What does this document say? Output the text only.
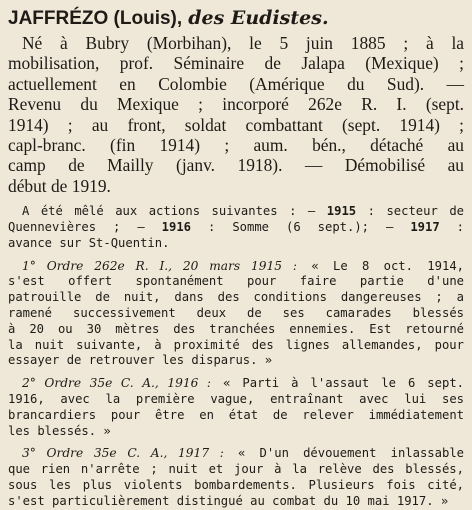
JAFFRÉZO (Louis), des Eudistes.
Né à Bubry (Morbihan), le 5 juin 1885 ; à la
mobilisation, prof. Séminaire de Jalapa (Mexique) ;
actuellement en Colombie (Amérique du Sud). —
Revenu du Mexique ; incorporé 262e R. I. (sept.
1914) ; au front, soldat combattant (sept. 1914) ;
capl-branc. (fin 1914) ; aum. bén., détaché au
camp de Mailly (janv. 1918). — Démobilisé au
début de 1919.
A été mêlé aux actions suivantes : — 1915 : secteur de
Quennevières ; — 1916 : Somme (6 sept.); — 1917 :
avance sur St-Quentin.
1° Ordre 262e R. I., 20 mars 1915 : « Le 8 oct. 1914,
s'est offert spontanément pour faire partie d'une
patrouille de nuit, dans des conditions dangereuses ; a
ramené successivement deux de ses camarades blessés
à 20 ou 30 mètres des tranchées ennemies. Est retourné
la nuit suivante, à proximité des lignes allemandes, pour
essayer de retrouver les disparus. »
2° Ordre 35e C. A., 1916 : « Parti à l'assaut le 6 sept.
1916, avec la première vague, entraînant avec lui ses
brancardiers pour être en état de relever immédiatement
les blessés. »
3° Ordre 35e C. A., 1917 : « D'un dévouement inlassable
que rien n'arrête ; nuit et jour à la relève des blessés,
sous les plus violents bombardements. Plusieurs fois cité,
s'est particulièrement distingué au combat du 10 mai 1917. »
